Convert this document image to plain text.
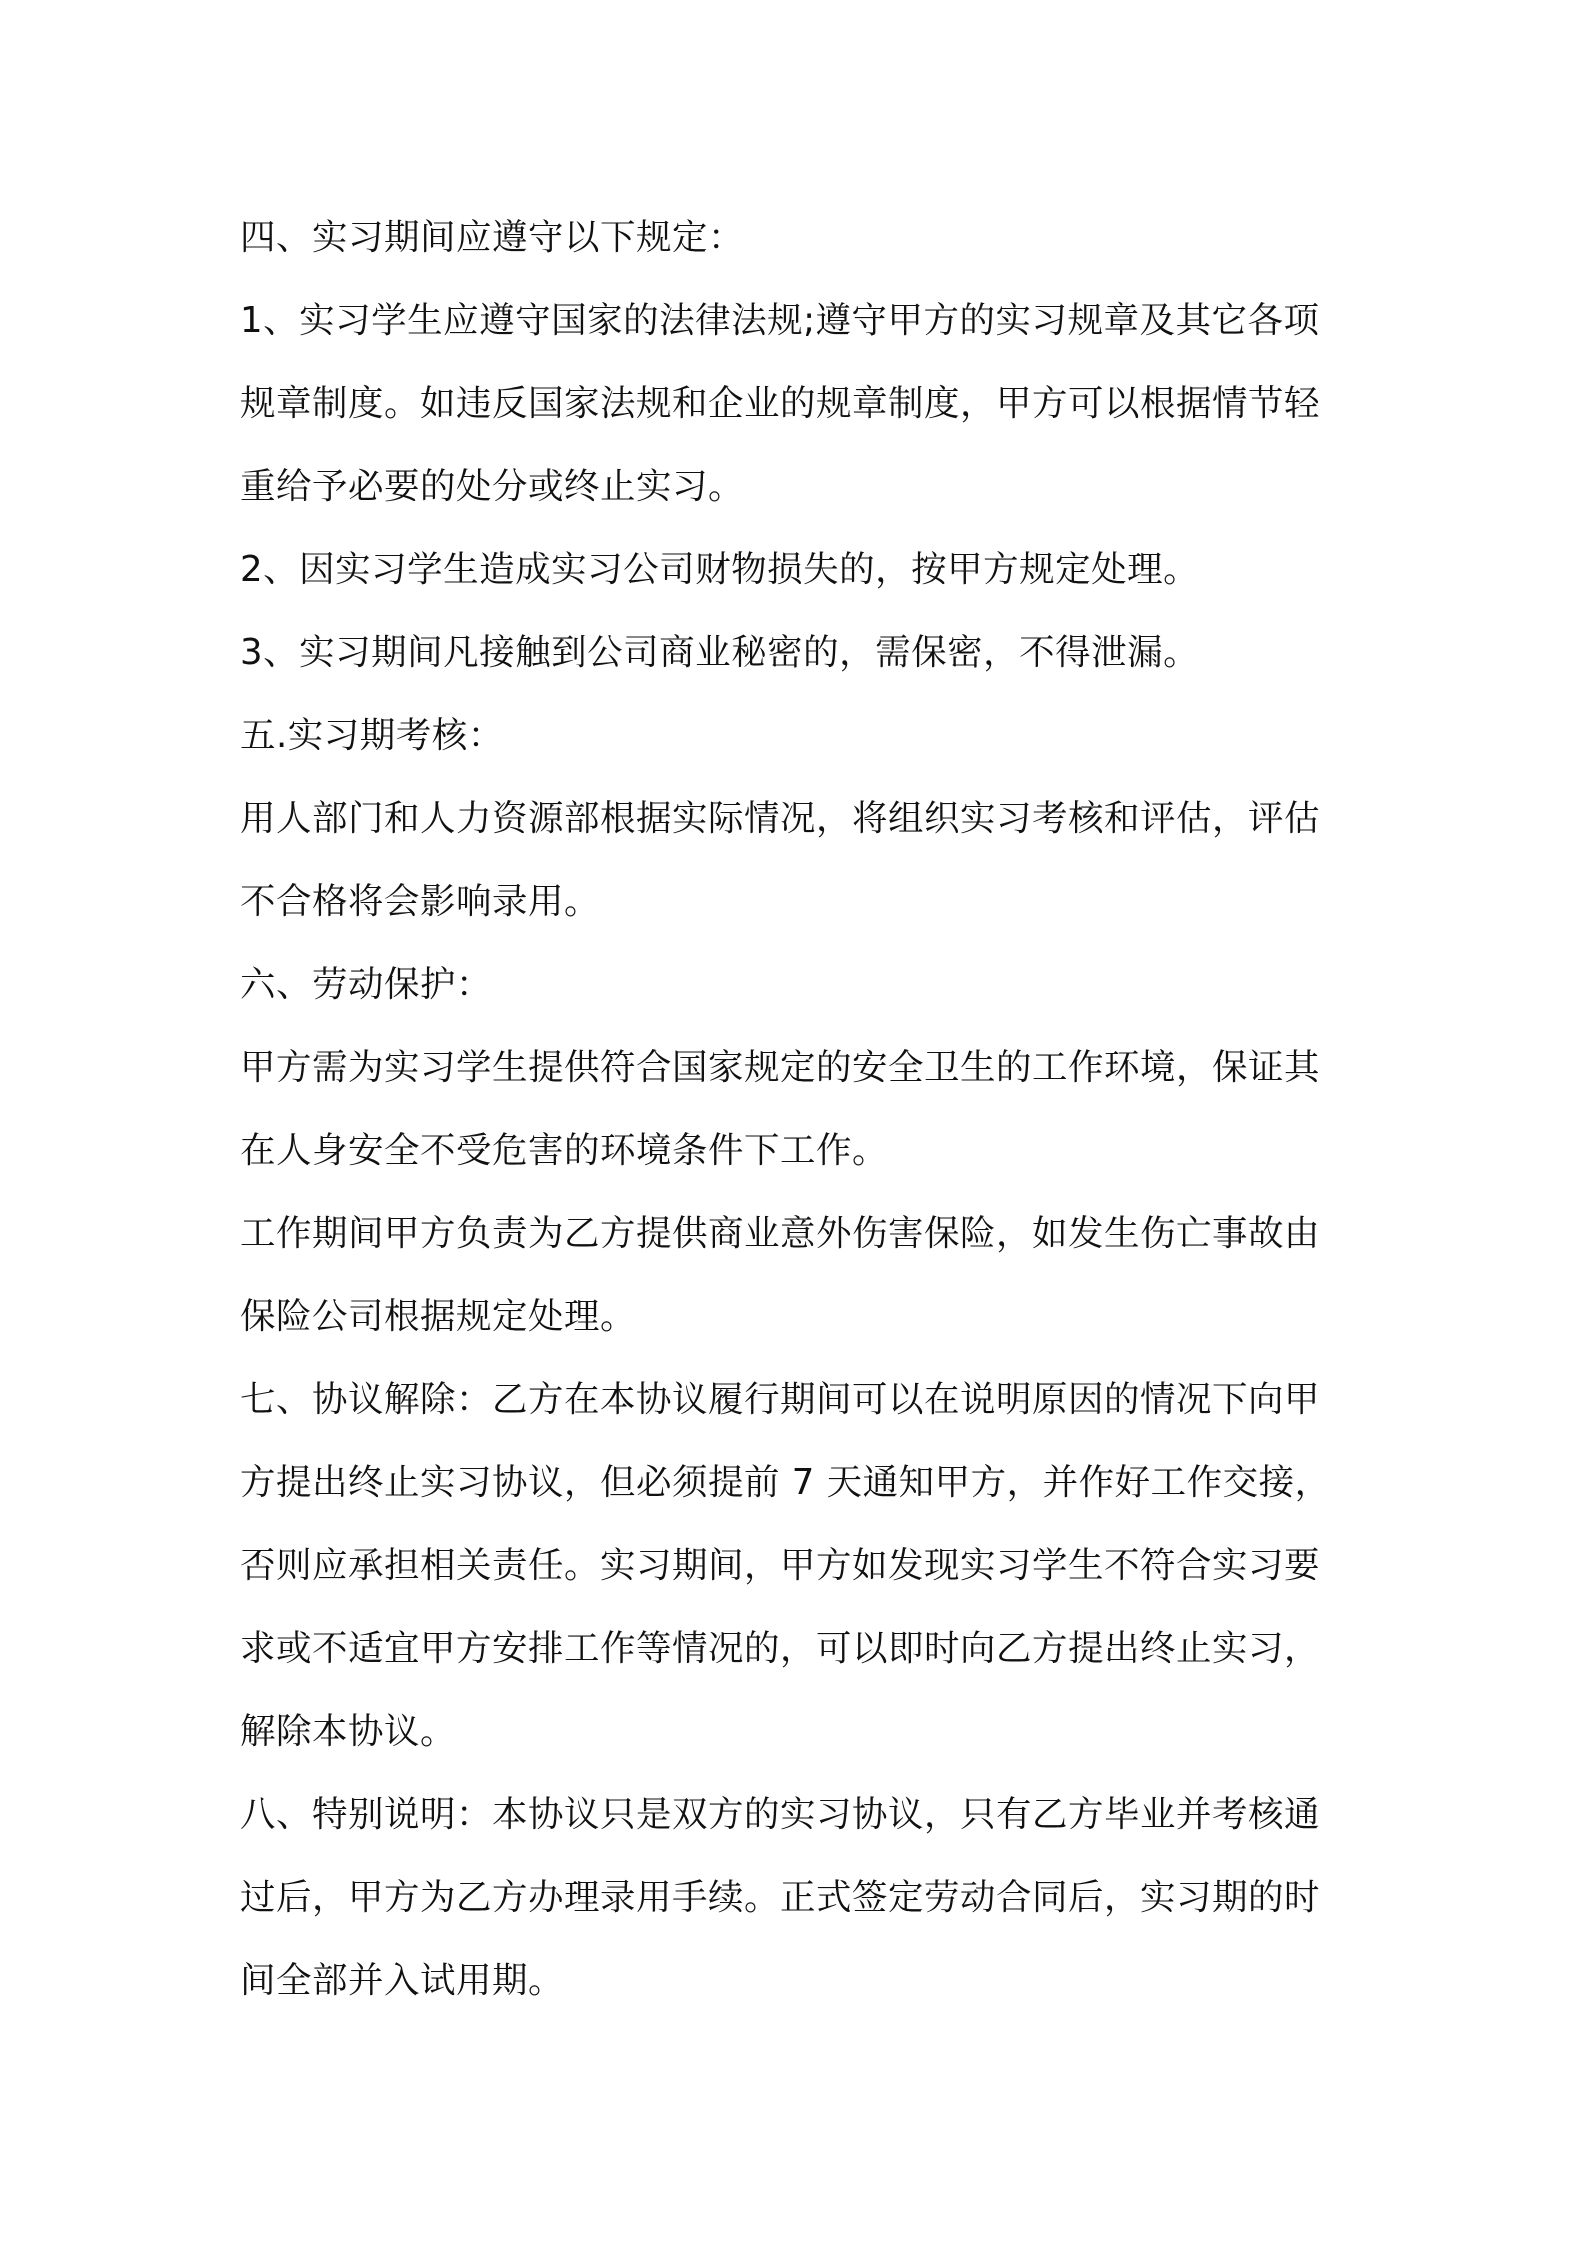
四、实习期间应遵守以下规定：
1、实习学生应遵守国家的法律法规;遵守甲方的实习规章及其它各项
规章制度。如违反国家法规和企业的规章制度，甲方可以根据情节轻
重给予必要的处分或终止实习。
2、因实习学生造成实习公司财物损失的，按甲方规定处理。
3、实习期间凡接触到公司商业秘密的，需保密，不得泄漏。
五.实习期考核：
用人部门和人力资源部根据实际情况，将组织实习考核和评估，评估
不合格将会影响录用。
六、劳动保护：
甲方需为实习学生提供符合国家规定的安全卫生的工作环境，保证其
在人身安全不受危害的环境条件下工作。
工作期间甲方负责为乙方提供商业意外伤害保险，如发生伤亡事故由
保险公司根据规定处理。
七、协议解除：乙方在本协议履行期间可以在说明原因的情况下向甲
方提出终止实习协议，但必须提前 7 天通知甲方，并作好工作交接，
否则应承担相关责任。实习期间，甲方如发现实习学生不符合实习要
求或不适宜甲方安排工作等情况的，可以即时向乙方提出终止实习，
解除本协议。
八、特别说明：本协议只是双方的实习协议，只有乙方毕业并考核通
过后，甲方为乙方办理录用手续。正式签定劳动合同后，实习期的时
间全部并入试用期。
